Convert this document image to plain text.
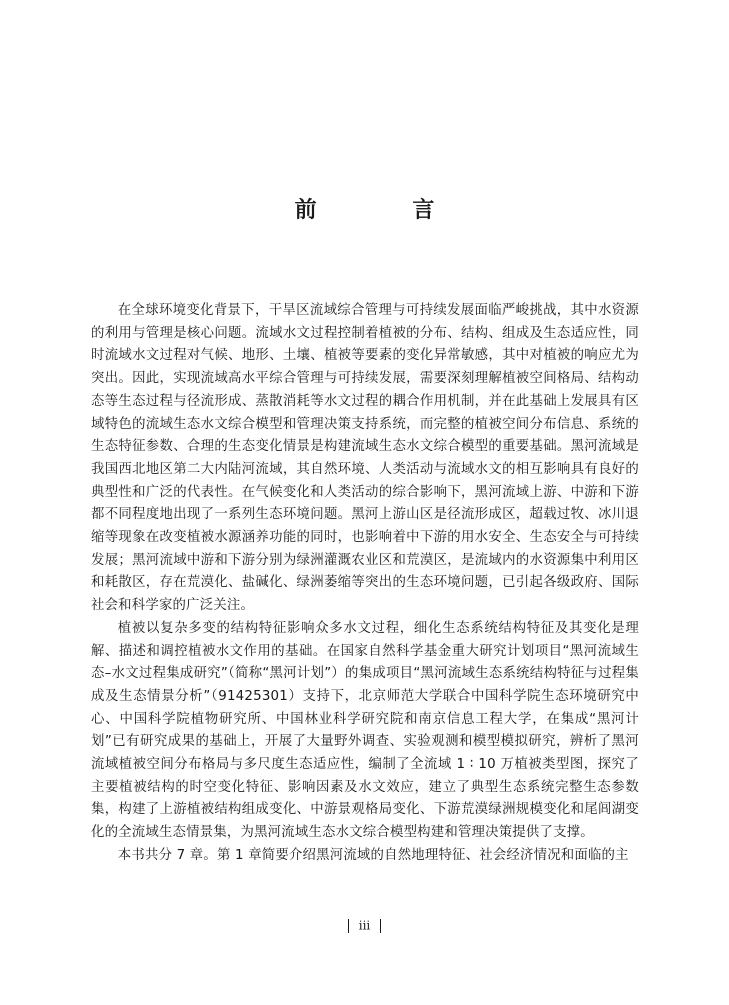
前 言

在全球环境变化背景下，干旱区流域综合管理与可持续发展面临严峻挑战，其中水资源的利用与管理是核心问题。流域水文过程控制着植被的分布、结构、组成及生态适应性，同时流域水文过程对气候、地形、土壤、植被等要素的变化异常敏感，其中对植被的响应尤为突出。因此，实现流域高水平综合管理与可持续发展，需要深刻理解植被空间格局、结构动态等生态过程与径流形成、蒸散消耗等水文过程的耦合作用机制，并在此基础上发展具有区域特色的流域生态水文综合模型和管理决策支持系统，而完整的植被空间分布信息、系统的生态特征参数、合理的生态变化情景是构建流域生态水文综合模型的重要基础。黑河流域是我国西北地区第二大内陆河流域，其自然环境、人类活动与流域水文的相互影响具有良好的典型性和广泛的代表性。在气候变化和人类活动的综合影响下，黑河流域上游、中游和下游都不同程度地出现了一系列生态环境问题。黑河上游山区是径流形成区，超载过牧、冰川退缩等现象在改变植被水源涵养功能的同时，也影响着中下游的用水安全、生态安全与可持续发展；黑河流域中游和下游分别为绿洲灌溉农业区和荒漠区，是流域内的水资源集中利用区和耗散区，存在荒漠化、盐碱化、绿洲萎缩等突出的生态环境问题，已引起各级政府、国际社会和科学家的广泛关注。

植被以复杂多变的结构特征影响众多水文过程，细化生态系统结构特征及其变化是理解、描述和调控植被水文作用的基础。在国家自然科学基金重大研究计划项目“黑河流域生态–水文过程集成研究”（简称“黑河计划”）的集成项目“黑河流域生态系统结构特征与过程集成及生态情景分析”（91425301）支持下，北京师范大学联合中国科学院生态环境研究中心、中国科学院植物研究所、中国林业科学研究院和南京信息工程大学，在集成“黑河计划”已有研究成果的基础上，开展了大量野外调查、实验观测和模型模拟研究，辨析了黑河流域植被空间分布格局与多尺度生态适应性，编制了全流域 1 ∶ 10 万植被类型图，探究了主要植被结构的时空变化特征、影响因素及水文效应，建立了典型生态系统完整生态参数集，构建了上游植被结构组成变化、中游景观格局变化、下游荒漠绿洲规模变化和尾闾湖变化的全流域生态情景集，为黑河流域生态水文综合模型构建和管理决策提供了支撑。

本书共分 7 章。第 1 章简要介绍黑河流域的自然地理特征、社会经济情况和面临的主

iii
